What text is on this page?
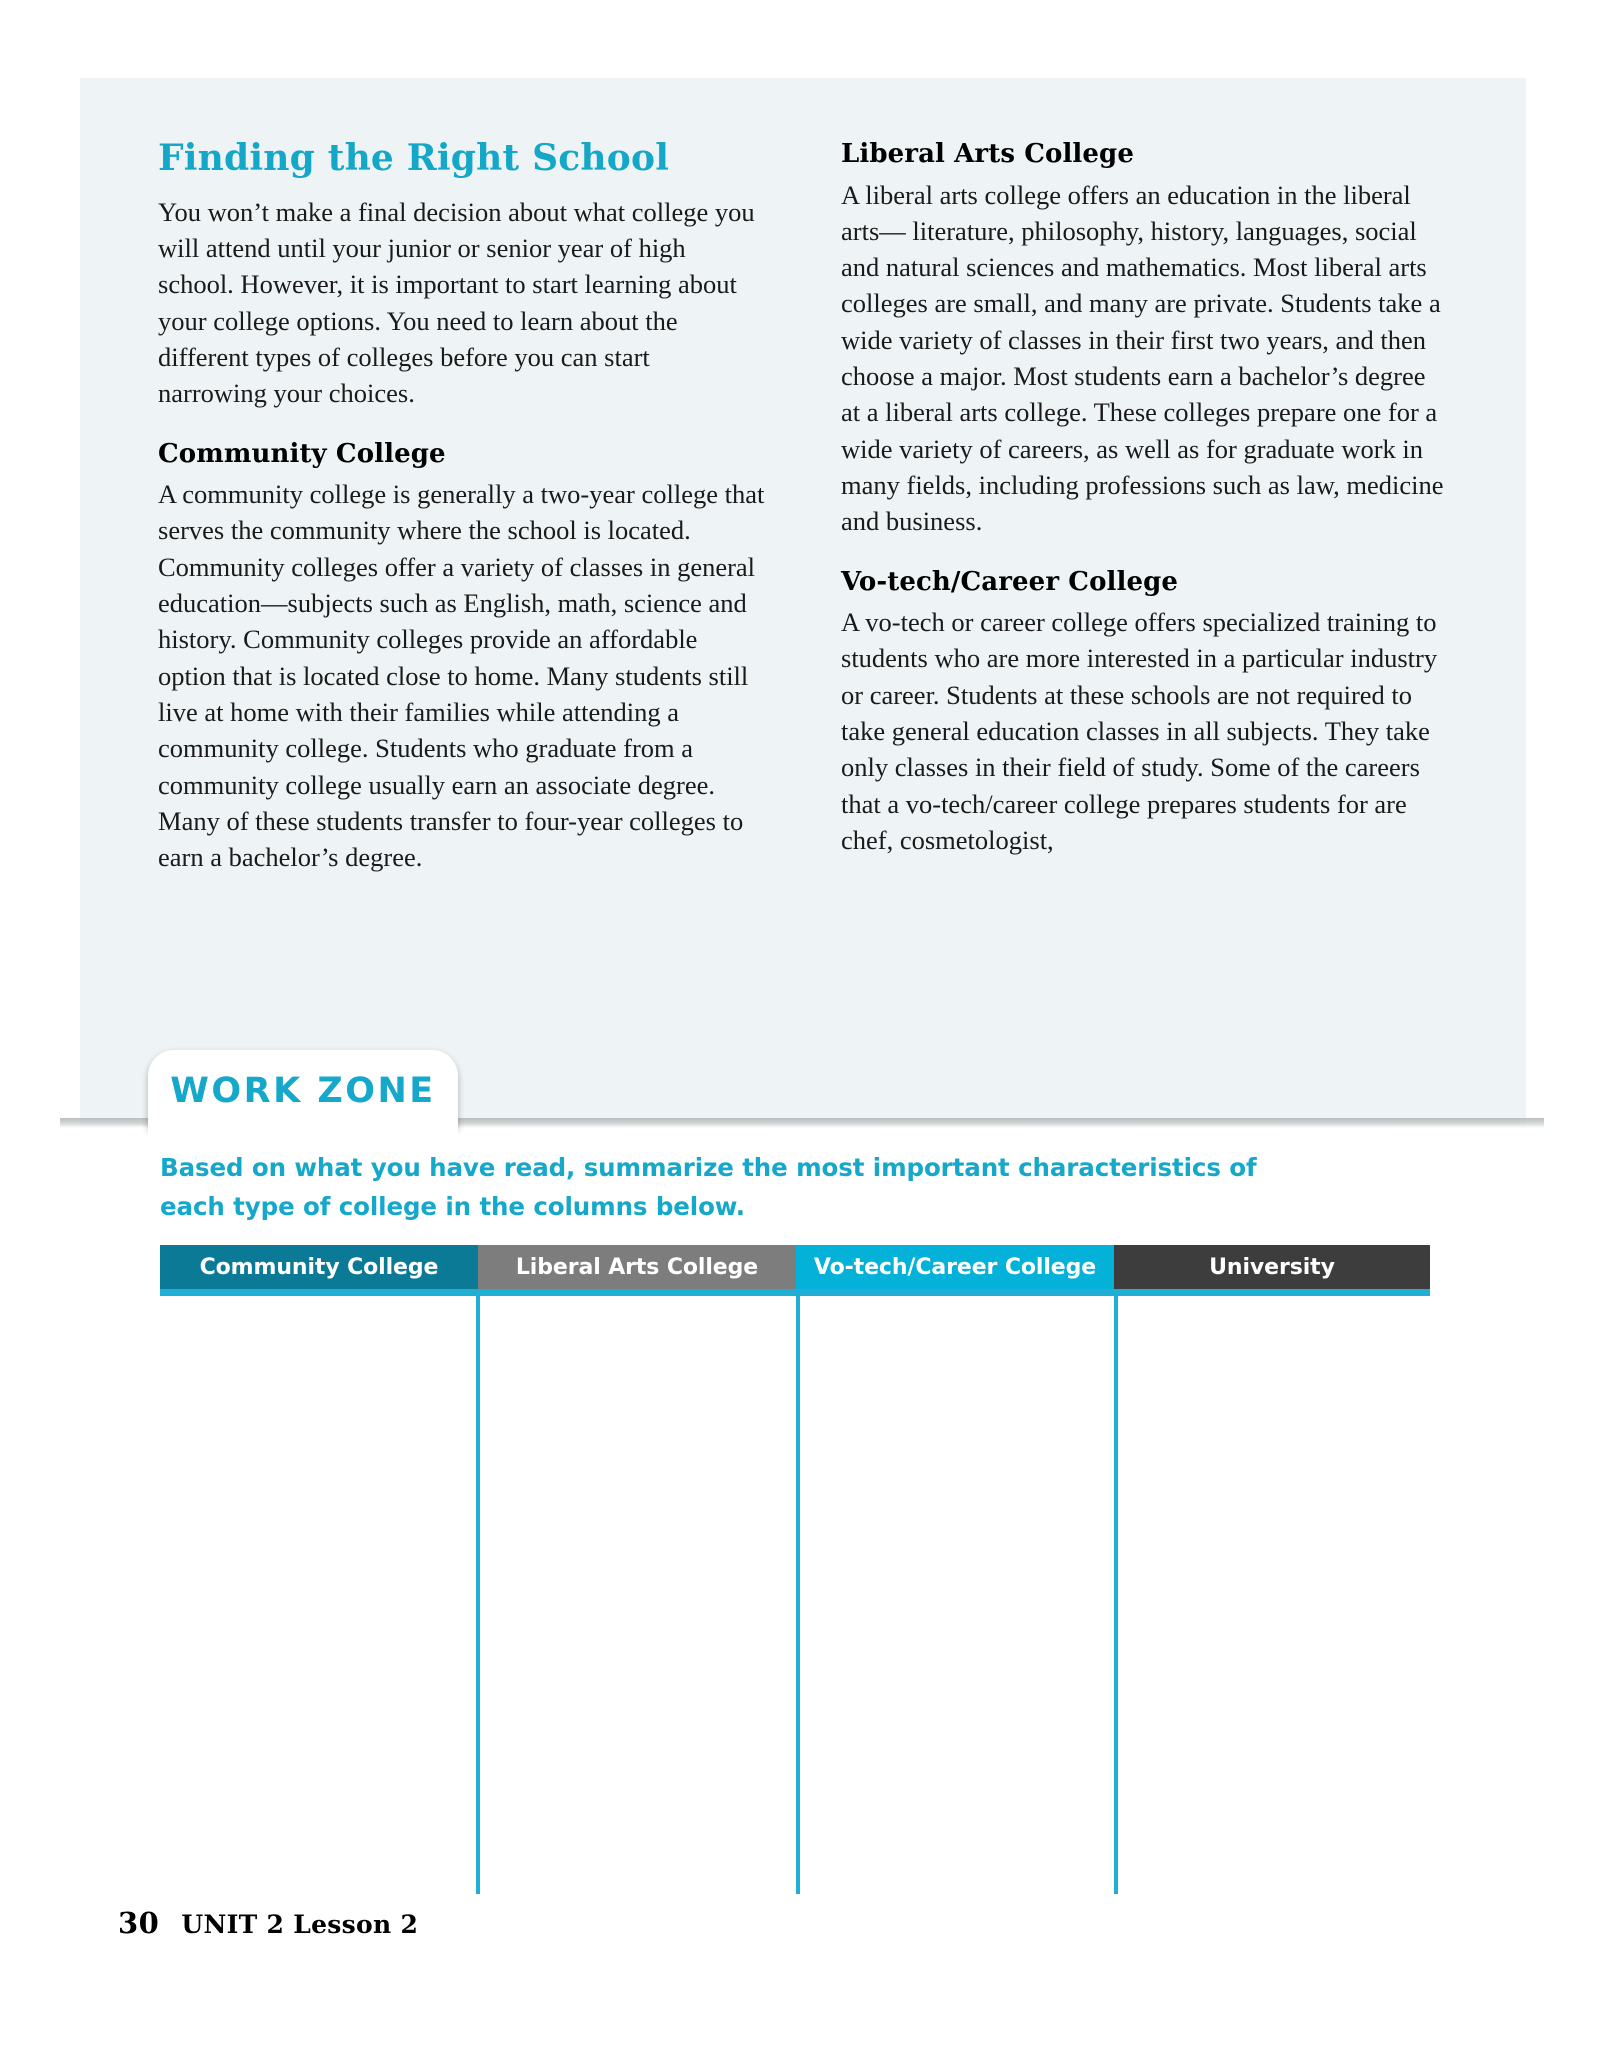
Finding the Right School

You won’t make a final decision about what college you will attend until your junior or senior year of high school. However, it is important to start learning about your college options. You need to learn about the different types of colleges before you can start narrowing your choices.

Community College

A community college is generally a two-year college that serves the community where the school is located. Community colleges offer a variety of classes in general education—subjects such as English, math, science and history. Community colleges provide an affordable option that is located close to home. Many students still live at home with their families while attending a community college. Students who graduate from a community college usually earn an associate degree. Many of these students transfer to four-year colleges to earn a bachelor’s degree.

Liberal Arts College

A liberal arts college offers an education in the liberal arts— literature, philosophy, history, languages, social and natural sciences and mathematics. Most liberal arts colleges are small, and many are private. Students take a wide variety of classes in their first two years, and then choose a major. Most students earn a bachelor’s degree at a liberal arts college. These colleges prepare one for a wide variety of careers, as well as for graduate work in many fields, including professions such as law, medicine and business.

Vo-tech/Career College

A vo-tech or career college offers specialized training to students who are more interested in a particular industry or career. Students at these schools are not required to take general education classes in all subjects. They take only classes in their field of study. Some of the careers that a vo-tech/career college prepares students for are chef, cosmetologist,

WORK ZONE
Based on what you have read, summarize the most important characteristics of each type of college in the columns below.
Community College	Liberal Arts College	Vo-tech/Career College	University
30 UNIT 2 Lesson 2
